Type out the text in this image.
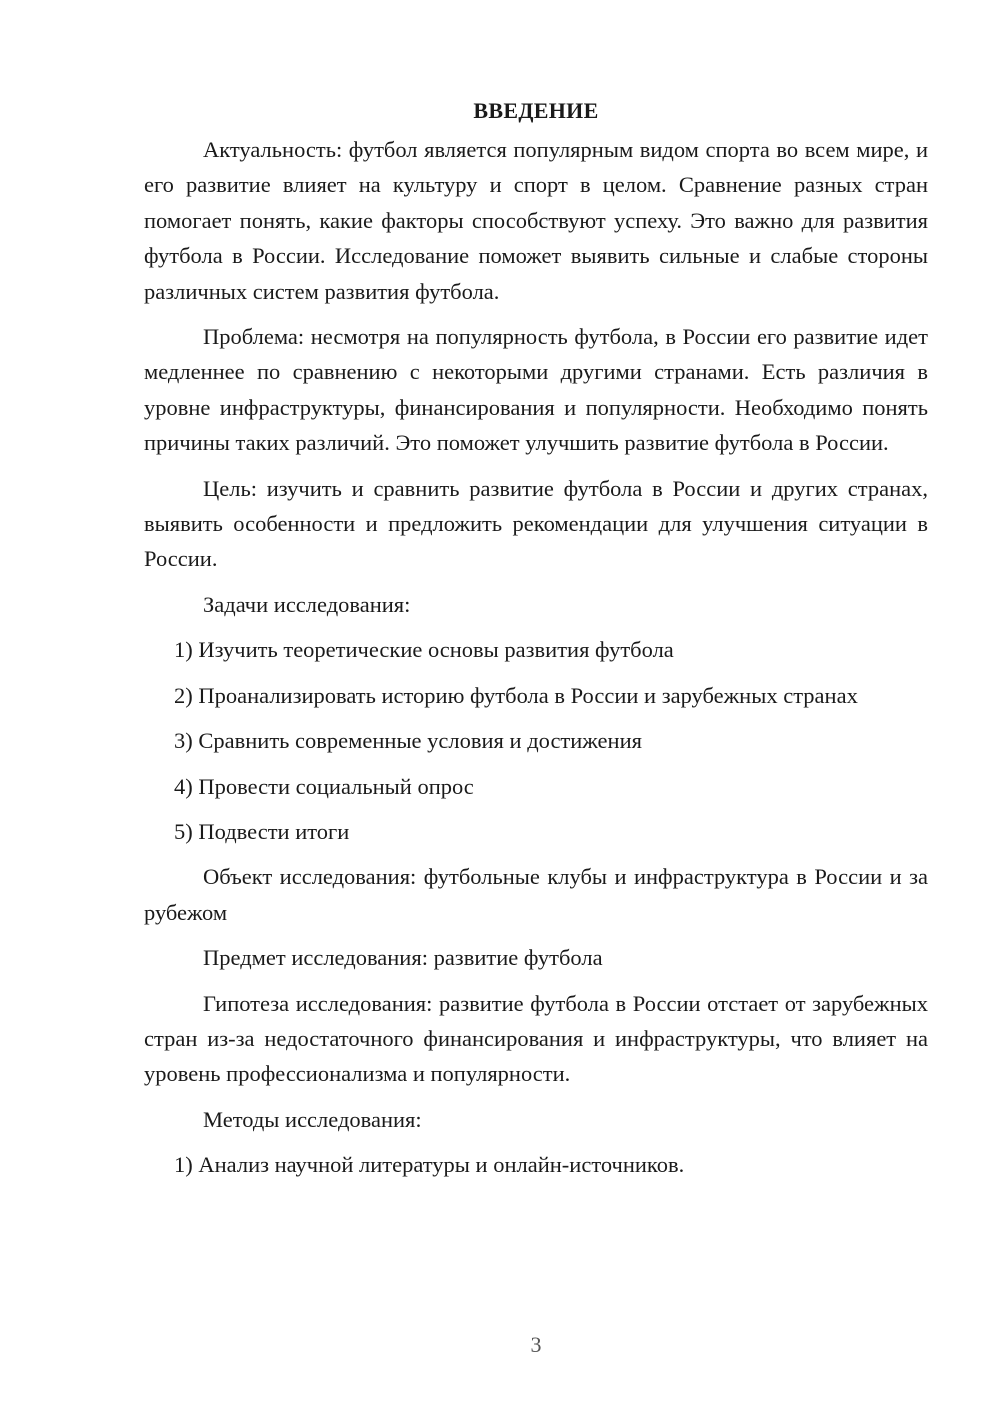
ВВЕДЕНИЕ

Актуальность: футбол является популярным видом спорта во всем мире, и его развитие влияет на культуру и спорт в целом. Сравнение разных стран помогает понять, какие факторы способствуют успеху. Это важно для развития футбола в России. Исследование поможет выявить сильные и слабые стороны различных систем развития футбола.

Проблема: несмотря на популярность футбола, в России его развитие идет медленнее по сравнению с некоторыми другими странами. Есть различия в уровне инфраструктуры, финансирования и популярности. Необходимо понять причины таких различий. Это поможет улучшить развитие футбола в России.

Цель: изучить и сравнить развитие футбола в России и других странах, выявить особенности и предложить рекомендации для улучшения ситуации в России.

Задачи исследования:

1) Изучить теоретические основы развития футбола

2) Проанализировать историю футбола в России и зарубежных странах

3) Сравнить современные условия и достижения

4) Провести социальный опрос

5) Подвести итоги

Объект исследования: футбольные клубы и инфраструктура в России и за рубежом

Предмет исследования: развитие футбола

Гипотеза исследования: развитие футбола в России отстает от зарубежных стран из-за недостаточного финансирования и инфраструктуры, что влияет на уровень профессионализма и популярности.

Методы исследования:

1) Анализ научной литературы и онлайн-источников.

3
